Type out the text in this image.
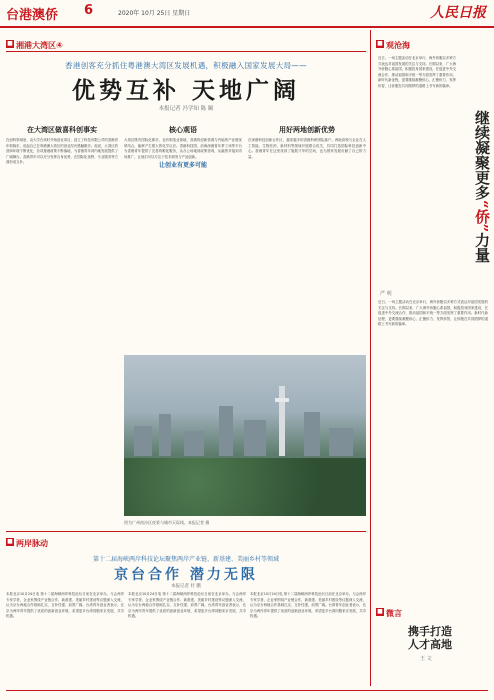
台港澳侨 6	2020年 10月 25日 星期日	人民日报
■ 湘港大湾区④
香港创客充分抓住粤港澳大湾区发展机遇，积极融入国家发展大局——
优势互补 天地广阔
本报记者 冯学知 陈 颐
在大湾区做喜科创事实	核心观语	用好两地创新优势
在创科领域里，由大学在读时开始创业项目，创立了科技有限公司的香港青年郭晓东，说起自己在粤港澳大湾区的创业经历感触颇多。他说，大湾区的营商环境不断优化，各项惠港政策不断落地，为香港青年到内地发展提供了广阔舞台。香港青年可以充分发挥自身优势，在国际化视野、专业服务等方面形成互补。
大湾区既有国际化都市，也有制造业基地，香港的创新资源与内地的产业链优势结合，能够产生强大的化学反应。香港科技园、前海深港青年梦工场等平台为香港青年提供了完善的孵化服务，从办公场地到政策咨询，从融资对接到市场推广，让他们可以专注于技术研发与产品创新。
让创业有更多可能
在深港科技创新合作区，越来越多的香港科研团队落户。两地高校与企业在人工智能、生物医药、新材料等领域开展联合攻关，共同打造国际科技创新中心。香港青年在这里找到了施展才华的空间，也为国家发展贡献了自己的力量。
图为广州南沙区夜景与城市天际线。本报记者 摄
■ 观沧海
近日，一场主题活动在北京举行，海外侨胞以多种方式表达对祖国发展的关注与支持。长期以来，广大海外侨胞心系祖国，积极投身国家建设，在促进中外交流合作、推动祖国和平统一等方面发挥了重要作用。新时代新征程，更要继续凝聚侨心、汇聚侨力、发挥侨智，让侨胞在共同圆梦的道路上书写新的篇章。
继续凝聚更多“侨”力量
严 明
近日，一场主题活动在北京举行，海外侨胞以多种方式表达对祖国发展的关注与支持。长期以来，广大海外侨胞心系祖国，积极投身国家建设，在促进中外交流合作、推动祖国和平统一等方面发挥了重要作用。新时代新征程，更要继续凝聚侨心、汇聚侨力、发挥侨智，让侨胞在共同圆梦的道路上书写新的篇章。
■ 微言
携手打造
人才高地
王 文
■ 两岸脉动
第十二届海峡两岸科技论坛聚焦两岸产业链、新基建、美丽乡村等领域
京台合作 潜力无限
本报记者 杜 鹏
本报北京10月24日电 第十二届海峡两岸科技论坛日前在北京举办。与会两岸专家学者、企业家围绕产业链合作、新基建、美丽乡村建设等议题深入交流，认为京台两地合作基础扎实、互补性强、前景广阔。台湾青年创业者表示，北京为两岸青年提供了优质的创新创业环境，希望更多台湾同胞来京发展，共享机遇。
本报北京10月24日电 第十二届海峡两岸科技论坛日前在北京举办。与会两岸专家学者、企业家围绕产业链合作、新基建、美丽乡村建设等议题深入交流，认为京台两地合作基础扎实、互补性强、前景广阔。台湾青年创业者表示，北京为两岸青年提供了优质的创新创业环境，希望更多台湾同胞来京发展，共享机遇。
本报北京10月24日电 第十二届海峡两岸科技论坛日前在北京举办。与会两岸专家学者、企业家围绕产业链合作、新基建、美丽乡村建设等议题深入交流，认为京台两地合作基础扎实、互补性强、前景广阔。台湾青年创业者表示，北京为两岸青年提供了优质的创新创业环境，希望更多台湾同胞来京发展，共享机遇。
